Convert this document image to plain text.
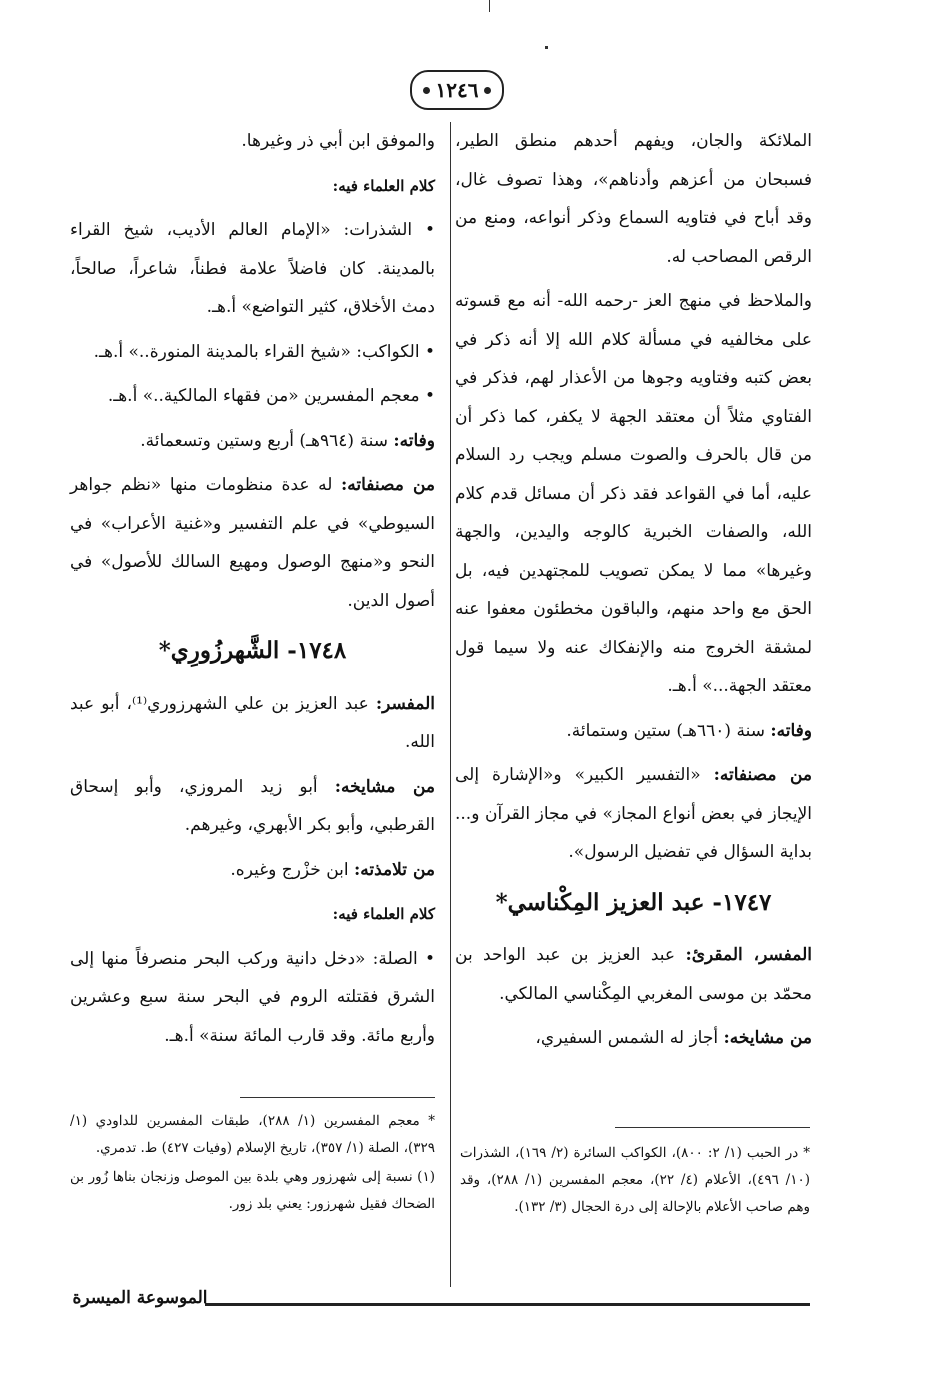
١٢٤٦

الملائكة والجان، ويفهم أحدهم منطق الطير، فسبحان من أعزهم وأدناهم»، وهذا تصوف غال، وقد أباح في فتاويه السماع وذكر أنواعه، ومنع من الرقص المصاحب له.

والملاحظ في منهج العز -رحمه الله- أنه مع قسوته على مخالفيه في مسألة كلام الله إلا أنه ذكر في بعض كتبه وفتاويه وجوها من الأعذار لهم، فذكر في الفتاوي مثلاً أن معتقد الجهة لا يكفر، كما ذكر أن من قال بالحرف والصوت مسلم ويجب رد السلام عليه، أما في القواعد فقد ذكر أن مسائل قدم كلام الله، والصفات الخبرية كالوجه واليدين، والجهة وغيرها» مما لا يمكن تصويب للمجتهدين فيه، بل الحق مع واحد منهم، والباقون مخطئون معفوا عنه لمشقة الخروج منه والإنفكاك عنه ولا سيما قول معتقد الجهة...» أ.هـ.

وفاته: سنة (٦٦٠هـ) ستين وستمائة.

من مصنفاته: «التفسير الكبير» و«الإشارة إلى الإيجاز في بعض أنواع المجاز» في مجاز القرآن و... بداية السؤال في تفضيل الرسول».

١٧٤٧- عبد العزيز المِكْناسي*

المفسر، المقرئ: عبد العزيز بن عبد الواحد بن محمّد بن موسى المغربي المِكْناسي المالكي.

من مشايخه: أجاز له الشمس السفيري،

والموفق ابن أبي ذر وغيرها.

كلام العلماء فيه:

• الشذرات: «الإمام العالم الأديب، شيخ القراء بالمدينة. كان فاضلاً علامة فطناً، شاعراً، صالحاً، دمث الأخلاق، كثير التواضع» أ.هـ.

• الكواكب: «شيخ القراء بالمدينة المنورة..» أ.هـ.

• معجم المفسرين «من فقهاء المالكية..» أ.هـ.

وفاته: سنة (٩٦٤هـ) أربع وستين وتسعمائة.

من مصنفاته: له عدة منظومات منها «نظم جواهر السيوطي» في علم التفسير و«غنية الأعراب» في النحو و«منهج الوصول ومهيع السالك للأصول» في أصول الدين.

١٧٤٨- الشَّهرزُورِي*

المفسر: عبد العزيز بن علي الشهرزوري⁽¹⁾، أبو عبد الله.

من مشايخه: أبو زيد المروزي، وأبو إسحاق القرطبي، وأبو بكر الأبهري، وغيرهم.

من تلامذته: ابن خزْرج وغيره.

كلام العلماء فيه:

• الصلة: «دخل دانية وركب البحر منصرفاً منها إلى الشرق فقتلته الروم في البحر سنة سبع وعشرين وأربع مائة. وقد قارب المائة سنة» أ.هـ.

* در الحبب (١/ ٢: ٨٠٠)، الكواكب السائرة (٢/ ١٦٩)، الشذرات (١٠/ ٤٩٦)، الأعلام (٤/ ٢٢)، معجم المفسرين (١/ ٢٨٨)، وقد وهم صاحب الأعلام بالإحالة إلى درة الحجال (٣/ ١٣٢).

* معجم المفسرين (١/ ٢٨٨)، طبقات المفسرين للداودي (١/ ٣٢٩)، الصلة (١/ ٣٥٧)، تاريخ الإسلام (وفيات ٤٢٧) ط. تدمري.

(١) نسبة إلى شهرزور وهي بلدة بين الموصل وزنجان بناها زُور بن الضحاك فقيل شهرزور: يعني بلد زور.

الموسوعة الميسرة
